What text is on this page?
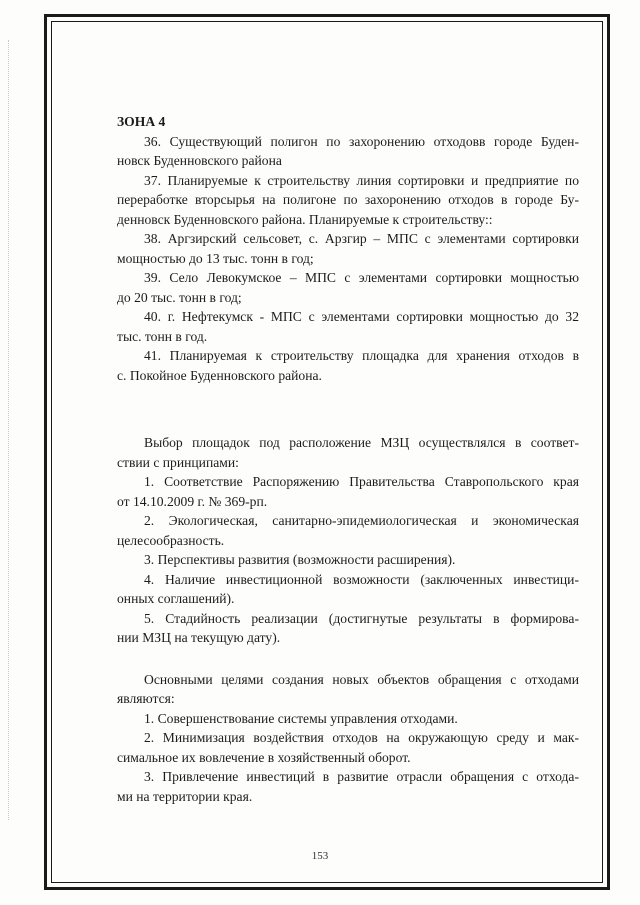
ЗОНА 4

36. Существующий полигон по захоронению отходовв городе Буден-
новск Буденновского района

37. Планируемые к строительству линия сортировки и предприятие по
переработке вторсырья на полигоне по захоронению отходов в городе Бу-
денновск Буденновского района. Планируемые к строительству::

38. Аргзирский сельсовет, с. Арзгир – МПС с элементами сортировки
мощностью до 13 тыс. тонн в год;

39. Село Левокумское – МПС с элементами сортировки мощностью
до 20 тыс. тонн в год;

40. г. Нефтекумск - МПС с элементами сортировки мощностью до 32
тыс. тонн в год.

41. Планируемая к строительству площадка для хранения отходов в
с. Покойное Буденновского района.

Выбор площадок под расположение МЗЦ осуществлялся в соответ-
ствии с принципами:

1. Соответствие Распоряжению Правительства Ставропольского края
от 14.10.2009 г. № 369-рп.

2. Экологическая, санитарно-эпидемиологическая и экономическая
целесообразность.

3. Перспективы развития (возможности расширения).

4. Наличие инвестиционной возможности (заключенных инвестици-
онных соглашений).

5. Стадийность реализации (достигнутые результаты в формирова-
нии МЗЦ на текущую дату).

Основными целями создания новых объектов обращения с отходами
являются:

1. Совершенствование системы управления отходами.

2. Минимизация воздействия отходов на окружающую среду и мак-
симальное их вовлечение в хозяйственный оборот.

3. Привлечение инвестиций в развитие отрасли обращения с отхода-
ми на территории края.

153
